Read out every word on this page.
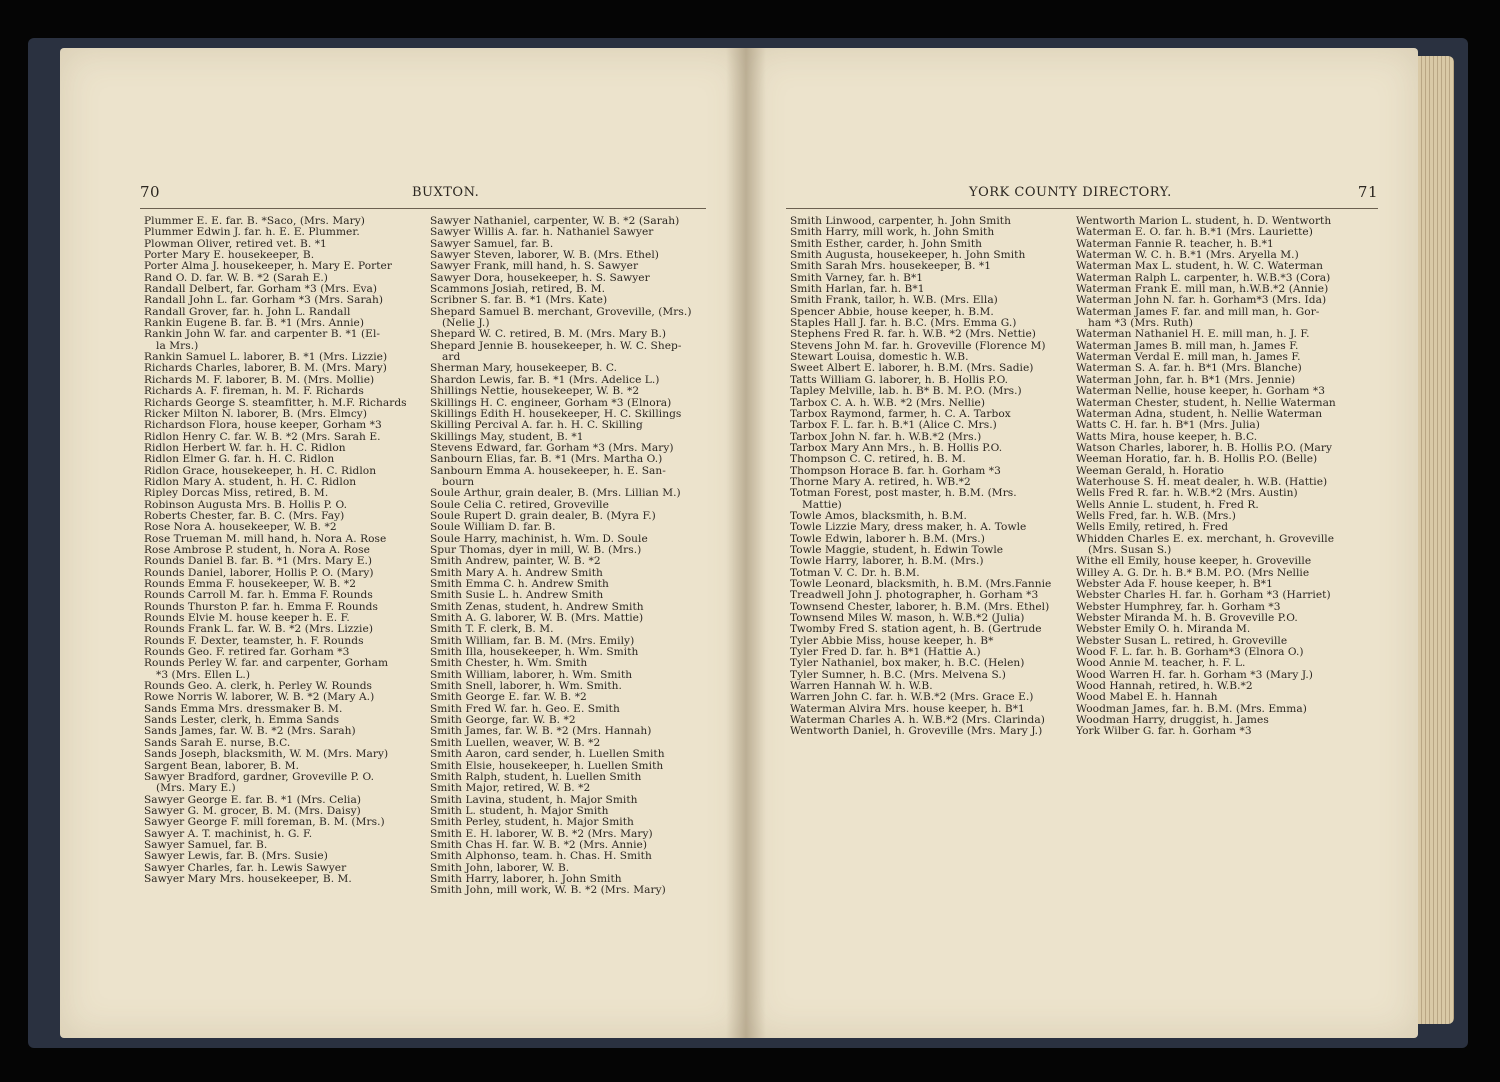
70	BUXTON.
Plummer E. E. far. B. *Saco, (Mrs. Mary)
Plummer Edwin J. far. h. E. E. Plummer.
Plowman Oliver, retired vet. B. *1
Porter Mary E. housekeeper, B.
Porter Alma J. housekeeper, h. Mary E. Porter
Rand O. D. far. W. B. *2 (Sarah E.)
Randall Delbert, far. Gorham *3 (Mrs. Eva)
Randall John L. far. Gorham *3 (Mrs. Sarah)
Randall Grover, far. h. John L. Randall
Rankin Eugene B. far. B. *1 (Mrs. Annie)
Rankin John W. far. and carpenter B. *1 (El-
la Mrs.)
Rankin Samuel L. laborer, B. *1 (Mrs. Lizzie)
Richards Charles, laborer, B. M. (Mrs. Mary)
Richards M. F. laborer, B. M. (Mrs. Mollie)
Richards A. F. fireman, h. M. F. Richards
Richards George S. steamfitter, h. M.F. Richards
Ricker Milton N. laborer, B. (Mrs. Elmcy)
Richardson Flora, house keeper, Gorham *3
Ridlon Henry C. far. W. B. *2 (Mrs. Sarah E.
Ridlon Herbert W. far. h. H. C. Ridlon
Ridlon Elmer G. far. h. H. C. Ridlon
Ridlon Grace, housekeeper, h. H. C. Ridlon
Ridlon Mary A. student, h. H. C. Ridlon
Ripley Dorcas Miss, retired, B. M.
Robinson Augusta Mrs. B. Hollis P. O.
Roberts Chester, far. B. C. (Mrs. Fay)
Rose Nora A. housekeeper, W. B. *2
Rose Trueman M. mill hand, h. Nora A. Rose
Rose Ambrose P. student, h. Nora A. Rose
Rounds Daniel B. far. B. *1 (Mrs. Mary E.)
Rounds Daniel, laborer, Hollis P. O. (Mary)
Rounds Emma F. housekeeper, W. B. *2
Rounds Carroll M. far. h. Emma F. Rounds
Rounds Thurston P. far. h. Emma F. Rounds
Rounds Elvie M. house keeper h. E. F.
Rounds Frank L. far. W. B. *2 (Mrs. Lizzie)
Rounds F. Dexter, teamster, h. F. Rounds
Rounds Geo. F. retired far. Gorham *3
Rounds Perley W. far. and carpenter, Gorham
*3 (Mrs. Ellen L.)
Rounds Geo. A. clerk, h. Perley W. Rounds
Rowe Norris W. laborer, W. B. *2 (Mary A.)
Sands Emma Mrs. dressmaker B. M.
Sands Lester, clerk, h. Emma Sands
Sands James, far. W. B. *2 (Mrs. Sarah)
Sands Sarah E. nurse, B.C.
Sands Joseph, blacksmith, W. M. (Mrs. Mary)
Sargent Bean, laborer, B. M.
Sawyer Bradford, gardner, Groveville P. O.
(Mrs. Mary E.)
Sawyer George E. far. B. *1 (Mrs. Celia)
Sawyer G. M. grocer, B. M. (Mrs. Daisy)
Sawyer George F. mill foreman, B. M. (Mrs.)
Sawyer A. T. machinist, h. G. F.
Sawyer Samuel, far. B.
Sawyer Lewis, far. B. (Mrs. Susie)
Sawyer Charles, far. h. Lewis Sawyer
Sawyer Mary Mrs. housekeeper, B. M.
Sawyer Nathaniel, carpenter, W. B. *2 (Sarah)
Sawyer Willis A. far. h. Nathaniel Sawyer
Sawyer Samuel, far. B.
Sawyer Steven, laborer, W. B. (Mrs. Ethel)
Sawyer Frank, mill hand, h. S. Sawyer
Sawyer Dora, housekeeper, h. S. Sawyer
Scammons Josiah, retired, B. M.
Scribner S. far. B. *1 (Mrs. Kate)
Shepard Samuel B. merchant, Groveville, (Mrs.)
(Nelie J.)
Shepard W. C. retired, B. M. (Mrs. Mary B.)
Shepard Jennie B. housekeeper, h. W. C. Shep-
ard
Sherman Mary, housekeeper, B. C.
Shardon Lewis, far. B. *1 (Mrs. Adelice L.)
Shillings Nettie, housekeeper, W. B. *2
Skillings H. C. engineer, Gorham *3 (Elnora)
Skillings Edith H. housekeeper, H. C. Skillings
Skilling Percival A. far. h. H. C. Skilling
Skillings May, student, B. *1
Stevens Edward, far. Gorham *3 (Mrs. Mary)
Sanbourn Elias, far. B. *1 (Mrs. Martha O.)
Sanbourn Emma A. housekeeper, h. E. San-
bourn
Soule Arthur, grain dealer, B. (Mrs. Lillian M.)
Soule Celia C. retired, Groveville
Soule Rupert D. grain dealer, B. (Myra F.)
Soule William D. far. B.
Soule Harry, machinist, h. Wm. D. Soule
Spur Thomas, dyer in mill, W. B. (Mrs.)
Smith Andrew, painter, W. B. *2
Smith Mary A. h. Andrew Smith
Smith Emma C. h. Andrew Smith
Smith Susie L. h. Andrew Smith
Smith Zenas, student, h. Andrew Smith
Smith A. G. laborer, W. B. (Mrs. Mattie)
Smith T. F. clerk, B. M.
Smith William, far. B. M. (Mrs. Emily)
Smith Illa, housekeeper, h. Wm. Smith
Smith Chester, h. Wm. Smith
Smith William, laborer, h. Wm. Smith
Smith Snell, laborer, h. Wm. Smith.
Smith George E. far. W. B. *2
Smith Fred W. far. h. Geo. E. Smith
Smith George, far. W. B. *2
Smith James, far. W. B. *2 (Mrs. Hannah)
Smith Luellen, weaver, W. B. *2
Smith Aaron, card sender, h. Luellen Smith
Smith Elsie, housekeeper, h. Luellen Smith
Smith Ralph, student, h. Luellen Smith
Smith Major, retired, W. B. *2
Smith Lavina, student, h. Major Smith
Smith L. student, h. Major Smith
Smith Perley, student, h. Major Smith
Smith E. H. laborer, W. B. *2 (Mrs. Mary)
Smith Chas H. far. W. B. *2 (Mrs. Annie)
Smith Alphonso, team. h. Chas. H. Smith
Smith John, laborer, W. B.
Smith Harry, laborer, h. John Smith
Smith John, mill work, W. B. *2 (Mrs. Mary)
YORK COUNTY DIRECTORY.	71
Smith Linwood, carpenter, h. John Smith
Smith Harry, mill work, h. John Smith
Smith Esther, carder, h. John Smith
Smith Augusta, housekeeper, h. John Smith
Smith Sarah Mrs. housekeeper, B. *1
Smith Varney, far. h. B*1
Smith Harlan, far. h. B*1
Smith Frank, tailor, h. W.B. (Mrs. Ella)
Spencer Abbie, house keeper, h. B.M.
Staples Hall J. far. h. B.C. (Mrs. Emma G.)
Stephens Fred R. far. h. W.B. *2 (Mrs. Nettie)
Stevens John M. far. h. Groveville (Florence M)
Stewart Louisa, domestic h. W.B.
Sweet Albert E. laborer, h. B.M. (Mrs. Sadie)
Tatts William G. laborer, h. B. Hollis P.O.
Tapley Melville, lab. h. B* B. M. P.O. (Mrs.)
Tarbox C. A. h. W.B. *2 (Mrs. Nellie)
Tarbox Raymond, farmer, h. C. A. Tarbox
Tarbox F. L. far. h. B.*1 (Alice C. Mrs.)
Tarbox John N. far. h. W.B.*2 (Mrs.)
Tarbox Mary Ann Mrs., h. B. Hollis P.O.
Thompson C. C. retired, h. B. M.
Thompson Horace B. far. h. Gorham *3
Thorne Mary A. retired, h. WB.*2
Totman Forest, post master, h. B.M. (Mrs.
Mattie)
Towle Amos, blacksmith, h. B.M.
Towle Lizzie Mary, dress maker, h. A. Towle
Towle Edwin, laborer h. B.M. (Mrs.)
Towle Maggie, student, h. Edwin Towle
Towle Harry, laborer, h. B.M. (Mrs.)
Totman V. C. Dr. h. B.M.
Towle Leonard, blacksmith, h. B.M. (Mrs.Fannie
Treadwell John J. photographer, h. Gorham *3
Townsend Chester, laborer, h. B.M. (Mrs. Ethel)
Townsend Miles W. mason, h. W.B.*2 (Julia)
Twomby Fred S. station agent, h. B. (Gertrude
Tyler Abbie Miss, house keeper, h. B*
Tyler Fred D. far. h. B*1 (Hattie A.)
Tyler Nathaniel, box maker, h. B.C. (Helen)
Tyler Sumner, h. B.C. (Mrs. Melvena S.)
Warren Hannah W. h. W.B.
Warren John C. far. h. W.B.*2 (Mrs. Grace E.)
Waterman Alvira Mrs. house keeper, h. B*1
Waterman Charles A. h. W.B.*2 (Mrs. Clarinda)
Wentworth Daniel, h. Groveville (Mrs. Mary J.)
Wentworth Marion L. student, h. D. Wentworth
Waterman E. O. far. h. B.*1 (Mrs. Lauriette)
Waterman Fannie R. teacher, h. B.*1
Waterman W. C. h. B.*1 (Mrs. Aryella M.)
Waterman Max L. student, h. W. C. Waterman
Waterman Ralph L. carpenter, h. W.B.*3 (Cora)
Waterman Frank E. mill man, h.W.B.*2 (Annie)
Waterman John N. far. h. Gorham*3 (Mrs. Ida)
Waterman James F. far. and mill man, h. Gor-
ham *3 (Mrs. Ruth)
Waterman Nathaniel H. E. mill man, h. J. F.
Waterman James B. mill man, h. James F.
Waterman Verdal E. mill man, h. James F.
Waterman S. A. far. h. B*1 (Mrs. Blanche)
Waterman John, far. h. B*1 (Mrs. Jennie)
Waterman Nellie, house keeper, h. Gorham *3
Waterman Chester, student, h. Nellie Waterman
Waterman Adna, student, h. Nellie Waterman
Watts C. H. far. h. B*1 (Mrs. Julia)
Watts Mira, house keeper, h. B.C.
Watson Charles, laborer, h. B. Hollis P.O. (Mary
Weeman Horatio, far. h. B. Hollis P.O. (Belle)
Weeman Gerald, h. Horatio
Waterhouse S. H. meat dealer, h. W.B. (Hattie)
Wells Fred R. far. h. W.B.*2 (Mrs. Austin)
Wells Annie L. student, h. Fred R.
Wells Fred, far. h. W.B. (Mrs.)
Wells Emily, retired, h. Fred
Whidden Charles E. ex. merchant, h. Groveville
(Mrs. Susan S.)
Withe ell Emily, house keeper, h. Groveville
Willey A. G. Dr. h. B.* B.M. P.O. (Mrs Nellie
Webster Ada F. house keeper, h. B*1
Webster Charles H. far. h. Gorham *3 (Harriet)
Webster Humphrey, far. h. Gorham *3
Webster Miranda M. h. B. Groveville P.O.
Webster Emily O. h. Miranda M.
Webster Susan L. retired, h. Groveville
Wood F. L. far. h. B. Gorham*3 (Elnora O.)
Wood Annie M. teacher, h. F. L.
Wood Warren H. far. h. Gorham *3 (Mary J.)
Wood Hannah, retired, h. W.B.*2
Wood Mabel E. h. Hannah
Woodman James, far. h. B.M. (Mrs. Emma)
Woodman Harry, druggist, h. James
York Wilber G. far. h. Gorham *3
